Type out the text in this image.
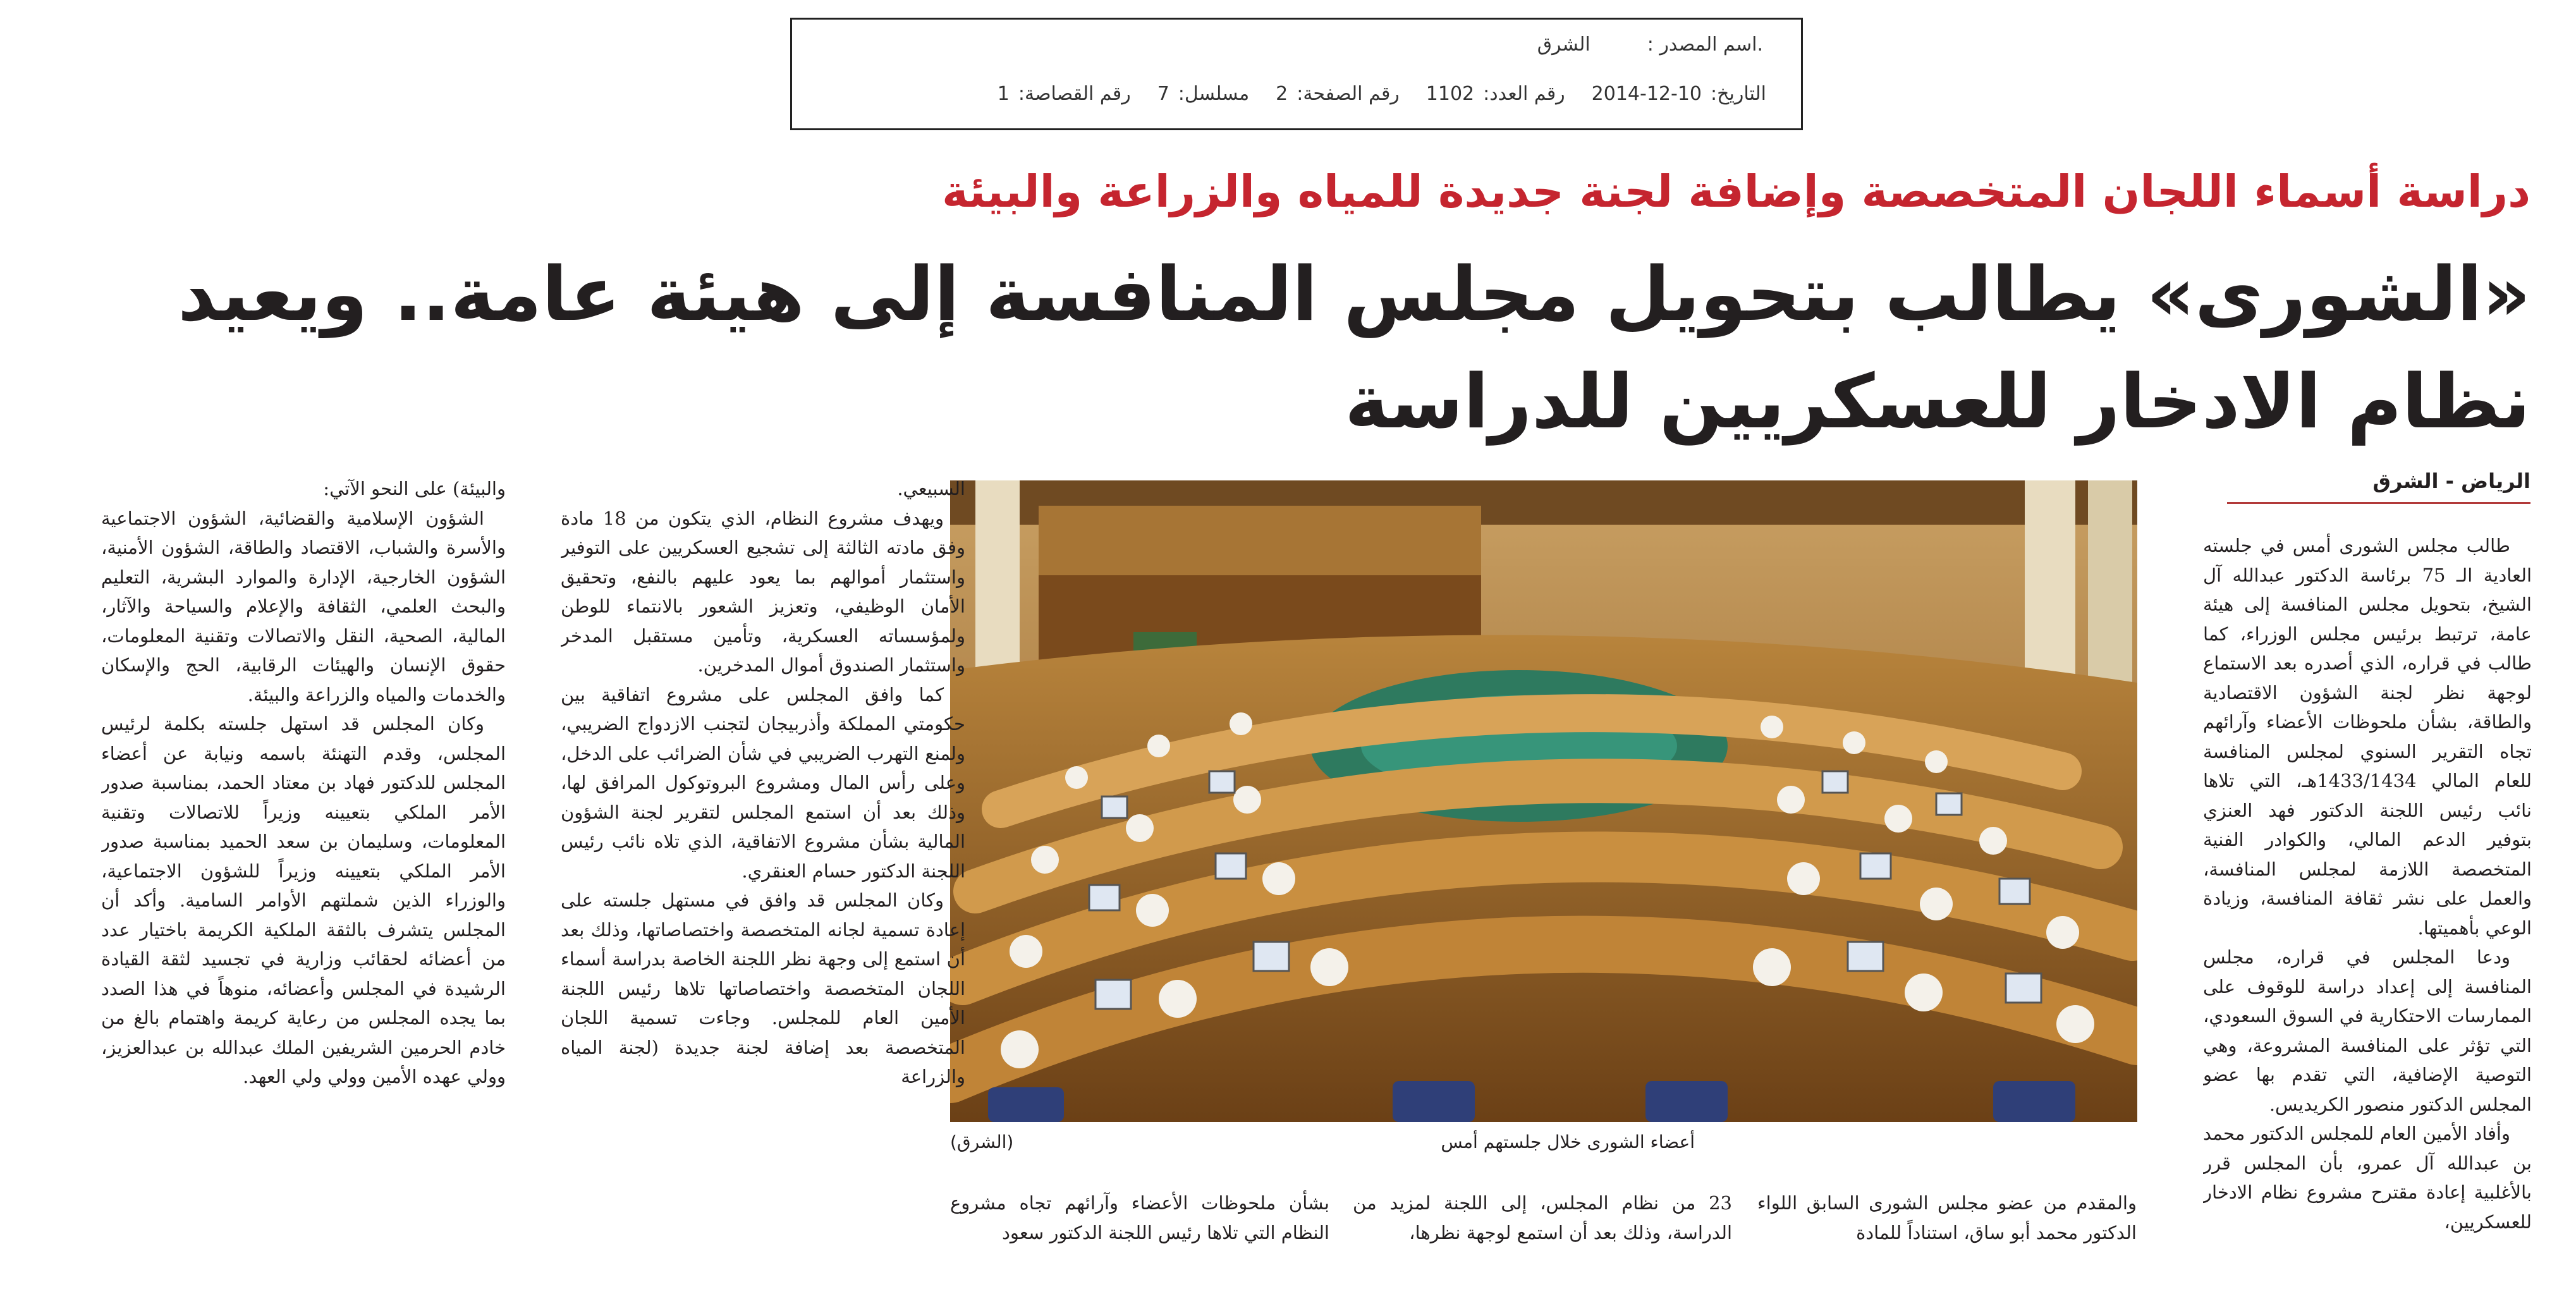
.اسم المصدر :
الشرق
التاريخ:
2014-12-10
رقم العدد:
1102
رقم الصفحة:
2
مسلسل:
7
رقم القصاصة:
1
دراسة أسماء اللجان المتخصصة وإضافة لجنة جديدة للمياه والزراعة والبيئة
«الشورى» يطالب بتحويل مجلس المنافسة إلى هيئة عامة.. ويعيد
نظام الادخار للعسكريين للدراسة
الرياض - الشرق

طالب مجلس الشورى أمس في جلسته العادية الـ 75 برئاسة الدكتور عبدالله آل الشيخ، بتحويل مجلس المنافسة إلى هيئة عامة، ترتبط برئيس مجلس الوزراء، كما طالب في قراره، الذي أصدره بعد الاستماع لوجهة نظر لجنة الشؤون الاقتصادية والطاقة، بشأن ملحوظات الأعضاء وآرائهم تجاه التقرير السنوي لمجلس المنافسة للعام المالي 1433/1434هـ، التي تلاها نائب رئيس اللجنة الدكتور فهد العنزي بتوفير الدعم المالي، والكوادر الفنية المتخصصة اللازمة لمجلس المنافسة، والعمل على نشر ثقافة المنافسة، وزيادة الوعي بأهميتها.

ودعا المجلس في قراره، مجلس المنافسة إلى إعداد دراسة للوقوف على الممارسات الاحتكارية في السوق السعودي، التي تؤثر على المنافسة المشروعة، وهي التوصية الإضافية، التي تقدم بها عضو المجلس الدكتور منصور الكريديس.

وأفاد الأمين العام للمجلس الدكتور محمد بن عبدالله آل عمرو، بأن المجلس قرر بالأغلبية إعادة مقترح مشروع نظام الادخار للعسكريين،

أعضاء الشورى خلال جلستهم أمس
(الشرق)

السبيعي.

ويهدف مشروع النظام، الذي يتكون من 18 مادة وفق مادته الثالثة إلى تشجيع العسكريين على التوفير واستثمار أموالهم بما يعود عليهم بالنفع، وتحقيق الأمان الوظيفي، وتعزيز الشعور بالانتماء للوطن ولمؤسساته العسكرية، وتأمين مستقبل المدخر واستثمار الصندوق أموال المدخرين.

كما وافق المجلس على مشروع اتفاقية بين حكومتي المملكة وأذربيجان لتجنب الازدواج الضريبي، ولمنع التهرب الضريبي في شأن الضرائب على الدخل، وعلى رأس المال ومشروع البروتوكول المرافق لها، وذلك بعد أن استمع المجلس لتقرير لجنة الشؤون المالية بشأن مشروع الاتفاقية، الذي تلاه نائب رئيس اللجنة الدكتور حسام العنقري.

وكان المجلس قد وافق في مستهل جلسته على إعادة تسمية لجانه المتخصصة واختصاصاتها، وذلك بعد أن استمع إلى وجهة نظر اللجنة الخاصة بدراسة أسماء اللجان المتخصصة واختصاصاتها تلاها رئيس اللجنة الأمين العام للمجلس. وجاءت تسمية اللجان المتخصصة بعد إضافة لجنة جديدة (لجنة المياه والزراعة

والبيئة) على النحو الآتي:

الشؤون الإسلامية والقضائية، الشؤون الاجتماعية والأسرة والشباب، الاقتصاد والطاقة، الشؤون الأمنية، الشؤون الخارجية، الإدارة والموارد البشرية، التعليم والبحث العلمي، الثقافة والإعلام والسياحة والآثار، المالية، الصحية، النقل والاتصالات وتقنية المعلومات، حقوق الإنسان والهيئات الرقابية، الحج والإسكان والخدمات والمياه والزراعة والبيئة.

وكان المجلس قد استهل جلسته بكلمة لرئيس المجلس، وقدم التهنئة باسمه ونيابة عن أعضاء المجلس للدكتور فهاد بن معتاد الحمد، بمناسبة صدور الأمر الملكي بتعيينه وزيراً للاتصالات وتقنية المعلومات، وسليمان بن سعد الحميد بمناسبة صدور الأمر الملكي بتعيينه وزيراً للشؤون الاجتماعية، والوزراء الذين شملتهم الأوامر السامية. وأكد أن المجلس يتشرف بالثقة الملكية الكريمة باختيار عدد من أعضائه لحقائب وزارية في تجسيد لثقة القيادة الرشيدة في المجلس وأعضائه، منوهاً في هذا الصدد بما يجده المجلس من رعاية كريمة واهتمام بالغ من خادم الحرمين الشريفين الملك عبدالله بن عبدالعزيز، وولي عهده الأمين وولي ولي العهد.

والمقدم من عضو مجلس الشورى السابق اللواء الدكتور محمد أبو ساق، استناداً للمادة

23 من نظام المجلس، إلى اللجنة لمزيد من الدراسة، وذلك بعد أن استمع لوجهة نظرها،

بشأن ملحوظات الأعضاء وآرائهم تجاه مشروع النظام التي تلاها رئيس اللجنة الدكتور سعود
